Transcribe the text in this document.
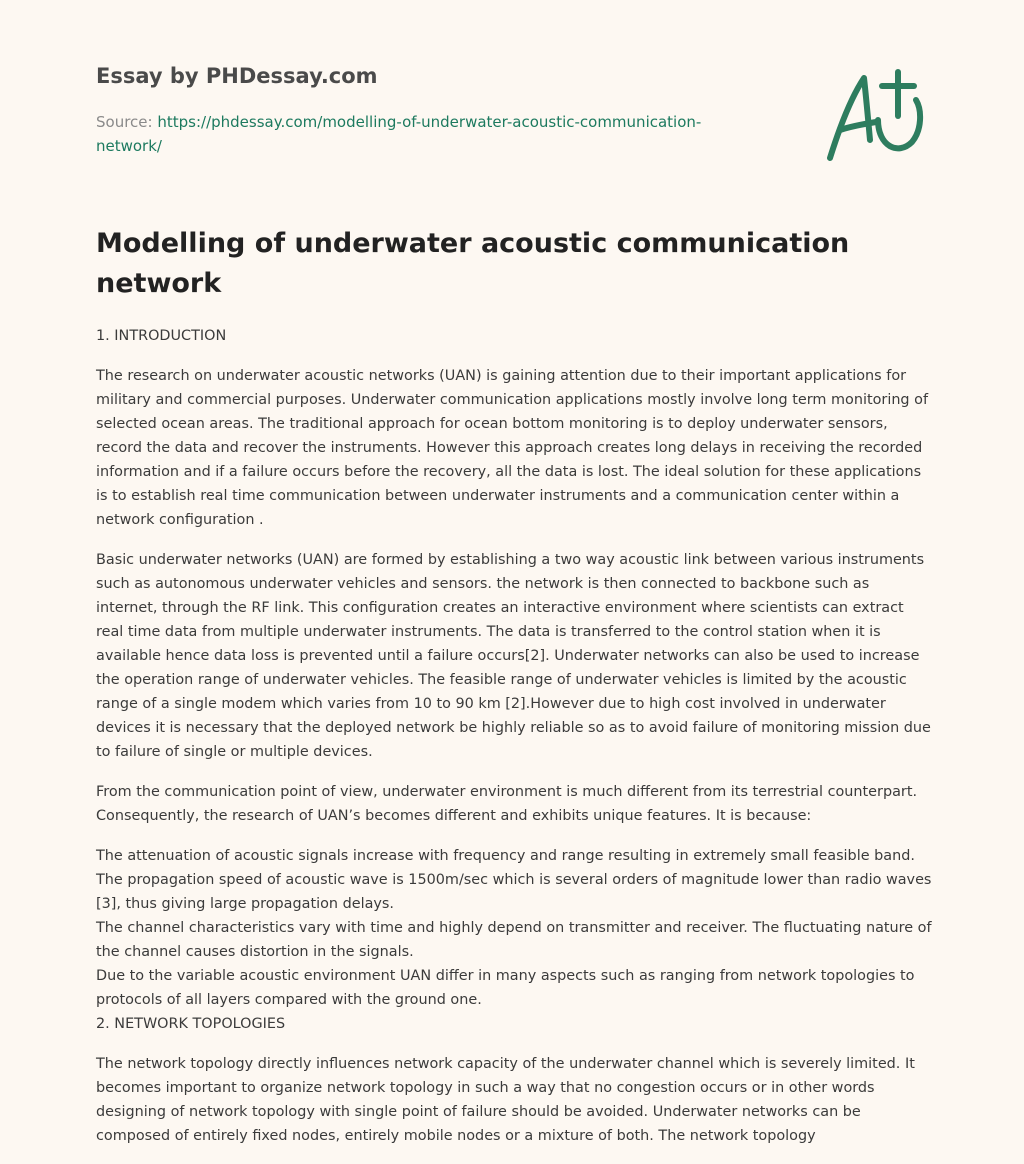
Essay by PHDessay.com
Source: https://phdessay.com/modelling-of-underwater-acoustic-communication-
network/
Modelling of underwater acoustic communication network

1. INTRODUCTION

The research on underwater acoustic networks (UAN) is gaining attention due to their important applications for military and commercial purposes. Underwater communication applications mostly involve long term monitoring of selected ocean areas. The traditional approach for ocean bottom monitoring is to deploy underwater sensors, record the data and recover the instruments. However this approach creates long delays in receiving the recorded information and if a failure occurs before the recovery, all the data is lost. The ideal solution for these applications is to establish real time communication between underwater instruments and a communication center within a network configuration .

Basic underwater networks (UAN) are formed by establishing a two way acoustic link between various instruments such as autonomous underwater vehicles and sensors. the network is then connected to backbone such as internet, through the RF link. This configuration creates an interactive environment where scientists can extract real time data from multiple underwater instruments. The data is transferred to the control station when it is available hence data loss is prevented until a failure occurs[2]. Underwater networks can also be used to increase the operation range of underwater vehicles. The feasible range of underwater vehicles is limited by the acoustic range of a single modem which varies from 10 to 90 km [2].However due to high cost involved in underwater devices it is necessary that the deployed network be highly reliable so as to avoid failure of monitoring mission due to failure of single or multiple devices.

From the communication point of view, underwater environment is much different from its terrestrial counterpart. Consequently, the research of UAN’s becomes different and exhibits unique features. It is because:

The attenuation of acoustic signals increase with frequency and range resulting in extremely small feasible band.

The propagation speed of acoustic wave is 1500m/sec which is several orders of magnitude lower than radio waves [3], thus giving large propagation delays.

The channel characteristics vary with time and highly depend on transmitter and receiver. The fluctuating nature of the channel causes distortion in the signals.

Due to the variable acoustic environment UAN differ in many aspects such as ranging from network topologies to protocols of all layers compared with the ground one.

2. NETWORK TOPOLOGIES

The network topology directly influences network capacity of the underwater channel which is severely limited. It becomes important to organize network topology in such a way that no congestion occurs or in other words designing of network topology with single point of failure should be avoided. Underwater networks can be composed of entirely fixed nodes, entirely mobile nodes or a mixture of both. The network topology
